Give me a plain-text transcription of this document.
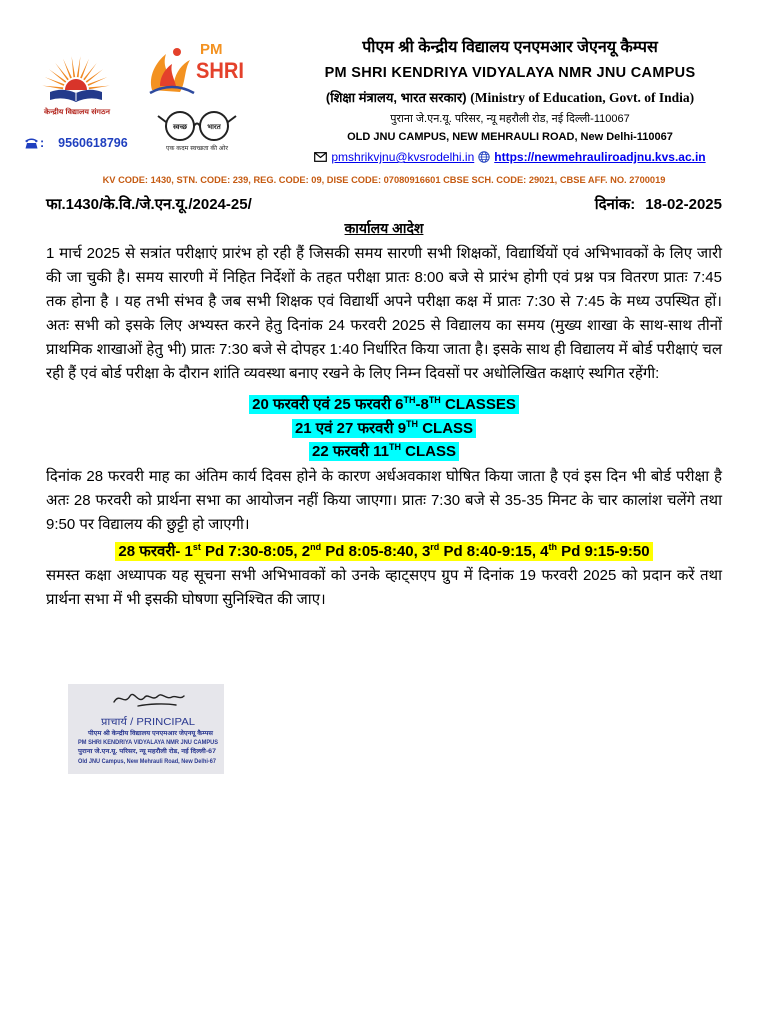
केन्द्रीय विद्यालय संगठन
PM
SHRI
स्वच्छ	भारत
एक कदम स्वच्छता की ओर
: 9560618796
पीएम श्री केन्द्रीय विद्यालय एनएमआर जेएनयू कैम्पस
PM SHRI KENDRIYA VIDYALAYA NMR JNU CAMPUS
(शिक्षा मंत्रालय, भारत सरकार) (Ministry of Education, Govt. of India)
पुराना जे.एन.यू. परिसर, न्यू महरौली रोड, नई दिल्ली-110067
OLD JNU CAMPUS, NEW MEHRAULI ROAD, New Delhi-110067
pmshrikvjnu@kvsrodelhi.in https://newmehrauliroadjnu.kvs.ac.in
KV CODE: 1430, STN. CODE: 239, REG. CODE: 09, DISE CODE: 07080916601 CBSE SCH. CODE: 29021, CBSE AFF. NO. 2700019
फा.1430/के.वि./जे.एन.यू./2024-25/	दिनांक: 18-02-2025
कार्यालय आदेश

1 मार्च 2025 से सत्रांत परीक्षाएं प्रारंभ हो रही हैं जिसकी समय सारणी सभी शिक्षकों, विद्यार्थियों एवं अभिभावकों के लिए जारी की जा चुकी है। समय सारणी में निहित निर्देशों के तहत परीक्षा प्रातः 8:00 बजे से प्रारंभ होगी एवं प्रश्न पत्र वितरण प्रातः 7:45 तक होना है । यह तभी संभव है जब सभी शिक्षक एवं विद्यार्थी अपने परीक्षा कक्ष में प्रातः 7:30 से 7:45 के मध्य उपस्थित हों। अतः सभी को इसके लिए अभ्यस्त करने हेतु दिनांक 24 फरवरी 2025 से विद्यालय का समय (मुख्य शाखा के साथ-साथ तीनों प्राथमिक शाखाओं हेतु भी) प्रातः 7:30 बजे से दोपहर 1:40 निर्धारित किया जाता है। इसके साथ ही विद्यालय में बोर्ड परीक्षाएं चल रही हैं एवं बोर्ड परीक्षा के दौरान शांति व्यवस्था बनाए रखने के लिए निम्न दिवसों पर अधोलिखित कक्षाएं स्थगित रहेंगी:

20 फरवरी एवं 25 फरवरी 6TH-8TH CLASSES
21 एवं 27 फरवरी 9TH CLASS
22 फरवरी 11TH CLASS

दिनांक 28 फरवरी माह का अंतिम कार्य दिवस होने के कारण अर्धअवकाश घोषित किया जाता है एवं इस दिन भी बोर्ड परीक्षा है अतः 28 फरवरी को प्रार्थना सभा का आयोजन नहीं किया जाएगा। प्रातः 7:30 बजे से 35-35 मिनट के चार कालांश चलेंगे तथा 9:50 पर विद्यालय की छुट्टी हो जाएगी।

28 फरवरी- 1st Pd 7:30-8:05, 2nd Pd 8:05-8:40, 3rd Pd 8:40-9:15, 4th Pd 9:15-9:50

समस्त कक्षा अध्यापक यह सूचना सभी अभिभावकों को उनके व्हाट्सएप ग्रुप में दिनांक 19 फरवरी 2025 को प्रदान करें तथा प्रार्थना सभा में भी इसकी घोषणा सुनिश्चित की जाए।

प्राचार्य / PRINCIPAL
पीएम श्री केन्द्रीय विद्यालय एनएमआर जेएनयू कैम्पस
PM SHRI KENDRIYA VIDYALAYA NMR JNU CAMPUS
पुराना जे.एन.यू. परिसर, न्यू महरौली रोड, नई दिल्ली-67
Old JNU Campus, New Mehrauli Road, New Delhi-67
